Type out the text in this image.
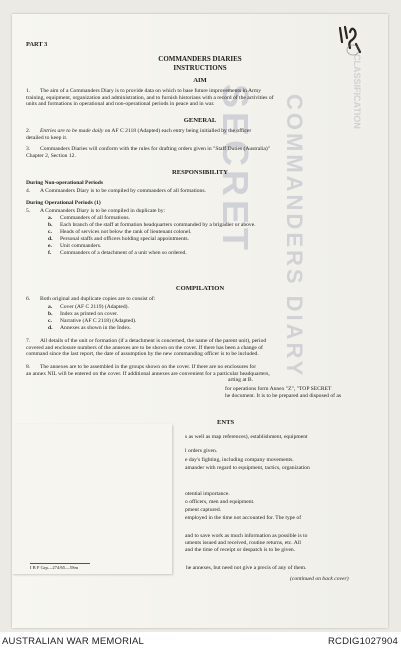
SECRET COMMANDERS DIARY
CLASSIFICATION
PART 3
COMMANDERS DIARIES
INSTRUCTIONS
AIM
1. The aim of a Commanders Diary is to provide data on which to base future improvements in Army
training, equipment, organization and administration, and to furnish historians with a record of the activities of
units and formations in operational and non-operational periods in peace and in war.
GENERAL
2. Entries are to be made daily on AF C 2118 (Adapted) each entry being initialled by the officer
detailed to keep it.
3. Commanders Diaries will conform with the rules for drafting orders given in "Staff Duties (Australia)"
Chapter 2, Section 12.
RESPONSIBILITY
During Non-operational Periods
4. A Commanders Diary is to be compiled by commanders of all formations.
During Operational Periods (1)
5. A Commanders Diary is to be compiled in duplicate by:
a. Commanders of all formations.
b. Each branch of the staff at formation headquarters commanded by a brigadier or above.
c. Heads of services not below the rank of lieutenant colonel.
d. Personal staffs and officers holding special appointments.
e. Unit commanders.
f. Commanders of a detachment of a unit when so ordered.
COMPILATION
6. Both original and duplicate copies are to consist of:
a. Cover (AF C 2119) (Adapted).
b. Index as printed on cover.
c. Narrative (AF C 2118) (Adapted).
d. Annexes as shown in the Index.
7. All details of the unit or formation (if a detachment is concerned, the name of the parent unit), period
covered and enclosure numbers of the annexes are to be shown on the cover. If there has been a change of
command since the last report, the date of assumption by the new commanding officer is to be included.
8. The annexes are to be assembled in the groups shown on the cover. If there are no enclosures for
an annex NIL will be entered on the cover. If additional annexes are convenient for a particular headquarters,
arting at B.
for operations form Annex "Z", "TOP SECRET
he document. It is to be prepared and disposed of as
ENTS
s as well as map references), establishment, equipment
l orders given.
e day's fighting, including company movements.
amander with regard to equipment, tactics, organization
otential importance.
o officers, men and equipment.
pment captured.
employed in the time not accounted for. The type of
and to save work as much information as possible is to
uments issued and received, routine returns, etc. All
and the time of receipt or despatch is to be given.
he annexes, but need not give a precis of any of them.
(continued on back cover)
I B F Grp—274/65—5Sm
AUSTRALIAN WAR MEMORIAL	RCDIG1027904
